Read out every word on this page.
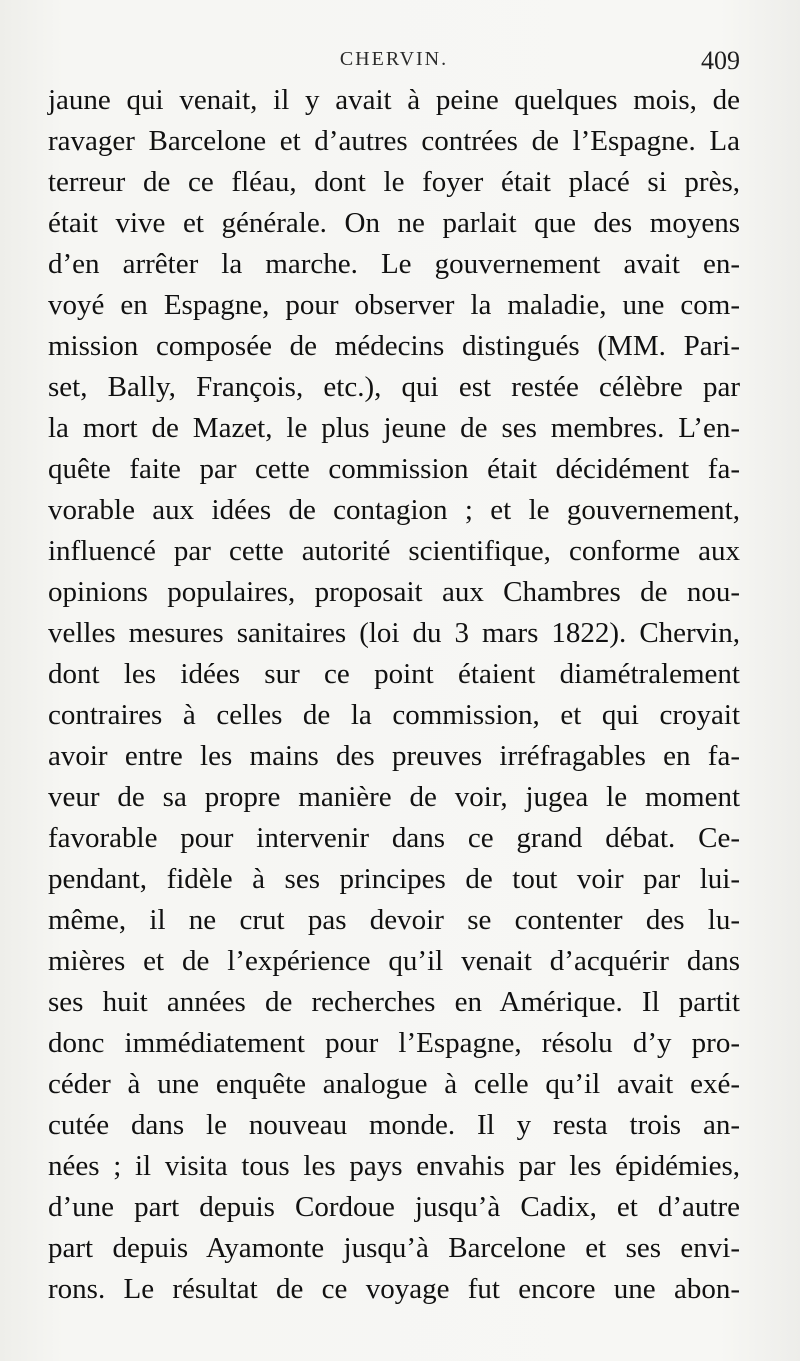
CHERVIN.	409
jaune qui venait, il y avait à peine quelques mois, de
ravager Barcelone et d’autres contrées de l’Espagne. La
terreur de ce fléau, dont le foyer était placé si près,
était vive et générale. On ne parlait que des moyens
d’en arrêter la marche. Le gouvernement avait en-
voyé en Espagne, pour observer la maladie, une com-
mission composée de médecins distingués (MM. Pari-
set, Bally, François, etc.), qui est restée célèbre par
la mort de Mazet, le plus jeune de ses membres. L’en-
quête faite par cette commission était décidément fa-
vorable aux idées de contagion ; et le gouvernement,
influencé par cette autorité scientifique, conforme aux
opinions populaires, proposait aux Chambres de nou-
velles mesures sanitaires (loi du 3 mars 1822). Chervin,
dont les idées sur ce point étaient diamétralement
contraires à celles de la commission, et qui croyait
avoir entre les mains des preuves irréfragables en fa-
veur de sa propre manière de voir, jugea le moment
favorable pour intervenir dans ce grand débat. Ce-
pendant, fidèle à ses principes de tout voir par lui-
même, il ne crut pas devoir se contenter des lu-
mières et de l’expérience qu’il venait d’acquérir dans
ses huit années de recherches en Amérique. Il partit
donc immédiatement pour l’Espagne, résolu d’y pro-
céder à une enquête analogue à celle qu’il avait exé-
cutée dans le nouveau monde. Il y resta trois an-
nées ; il visita tous les pays envahis par les épidémies,
d’une part depuis Cordoue jusqu’à Cadix, et d’autre
part depuis Ayamonte jusqu’à Barcelone et ses envi-
rons. Le résultat de ce voyage fut encore une abon-
